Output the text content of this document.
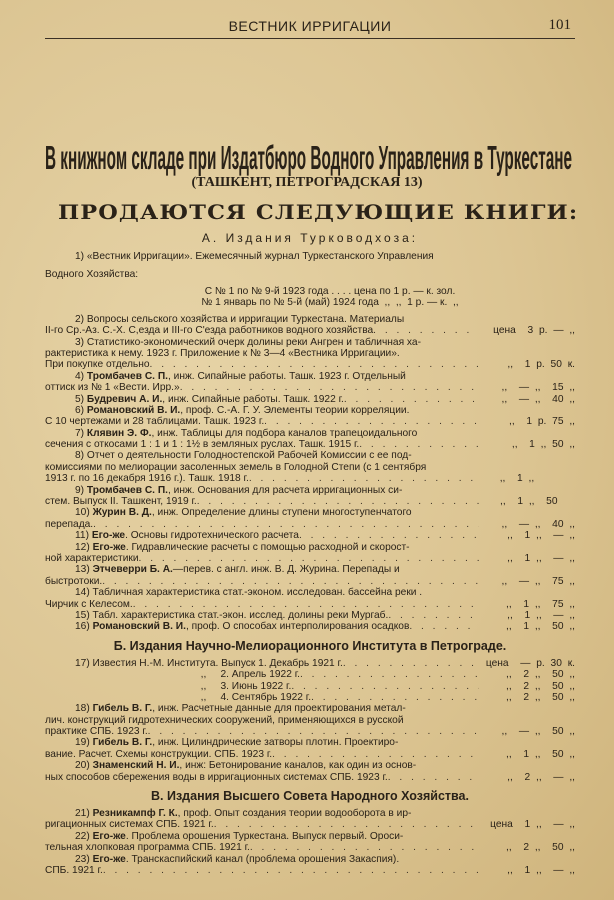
ВЕСТНИК ИРРИГАЦИИ	101
В книжном складе при Издатбюро Водного Управления в Туркестане
(ТАШКЕНТ, ПЕТРОГРАДСКАЯ 13)
ПРОДАЮТСЯ СЛЕДУЮЩИЕ КНИГИ:
А. Издания Турководхоза:
1) «Вестник Ирригации». Ежемесячный журнал Туркестанского Управления
Водного Хозяйства:
С № 1 по № 9-й 1923 года . . . . цена по 1 р. — к. зол.
№ 1 январь по № 5-й (май) 1924 года  ,,  ,,  1 р. — к.  ,,
2) Вопросы сельского хозяйства и ирригации Туркестана. Материалы
II-го Ср.-Аз. С.-Х. С,езда и III-го С'езда работников водного хозяйства . . .	цена  3 р. — ,,
3) Статистико-экономический очерк долины реки Ангрен и табличная ха-
рактеристика к нему. 1923 г. Приложение к № 3—4 «Вестника Ирригации».
При покупке отдельно . . .	,,  1 р. 50 к.
4) Тромбачев С. П., инж. Сипайные работы. Ташк. 1923 г. Отдельный
оттиск из № 1 «Вести. Ирр.» . . .	,,  — ,,  15 ,,
5) Будревич А. И., инж. Сипайные работы. Ташк. 1922 г. . . .	,,  — ,,  40 ,,
6) Романовский В. И., проф. С.-А. Г. У. Элементы теории корреляции.
С 10 чертежами и 28 таблицами. Ташк. 1923 г. . . .	,,  1 р. 75 ,,
7) Клявин Э. Ф., инж. Таблицы для подбора каналов трапецоидального
сечения с откосами 1 : 1 и 1 : 1½ в земляных руслах. Ташк. 1915 г. . . .	,,  1 ,, 50 ,,
8) Отчет о деятельности Голодностепской Рабочей Комиссии с ее под-
комиссиями по мелиорации засоленных земель в Голодной Степи (с 1 сентября
1913 г. по 16 декабря 1916 г.). Ташк. 1918 г. . . .	,,  1 ,,
9) Тромбачев С. П., инж. Основания для расчета ирригационных си-
стем. Выпуск II. Ташкент, 1919 г. . . .	,,  1 ,,  50
10) Журин В. Д., инж. Определение длины ступени многоступенчатого
перепада. . . .	,,  — ,,  40 ,,
11) Его-же. Основы гидротехнического расчета . . .	,,  1 ,,  — ,,
12) Его-же. Гидравлические расчеты с помощью расходной и скорост-
ной характеристики . . .	,,  1 ,,  — ,,
13) Этчеверри Б. А.—перев. с англ. инж. В. Д. Журина. Перепады и
быстротоки. . . .	,,  — ,,  75 ,,
14) Табличная характеристика стат.-эконом. исследован. бассейна реки .
Чирчик с Келесом. . . .	,,  1 ,,  75 ,,
15) Табл. характеристика стат.-экон. исслед. долины реки Мургаб. . . .	,,  1 ,,  — ,,
16) Романовский В. И., проф. О способах интерполирования осадков . . .	,,  1 ,,  50 ,,
Б. Издания Научно-Мелиорационного Института в Петрограде.
17) Известия Н.-М. Института. Выпуск 1. Декабрь 1921 г. . . .	цена  — р. 30 к.
,,     2. Апрель 1922 г. . . .	,,  2 ,,  50 ,,
,,     3. Июнь 1922 г. . . .	,,  2 ,,  50 ,,
,,     4. Сентябрь 1922 г. . . .	,,  2 ,,  50 ,,
18) Гибель В. Г., инж. Расчетные данные для проектирования метал-
лич. конструкций гидротехнических сооружений, применяющихся в русской
практике СПБ. 1923 г. . . .	,,  — ,,  50 ,,
19) Гибель В. Г., инж. Цилиндрические затворы плотин. Проектиро-
вание. Расчет. Схемы конструкции. СПБ. 1923 г. . . .	,,  1 ,,  50 ,,
20) Знаменский Н. И., инж: Бетонирование каналов, как один из основ-
ных способов сбережения воды в ирригационных системах СПБ. 1923 г. . . .	,,  2 ,,  — ,,
В. Издания Высшего Совета Народного Хозяйства.
21) Резникампф Г. К., проф. Опыт создания теории водооборота в ир-
ригационных системах СПБ. 1921 г. . . .	цена  1 ,,  — ,,
22) Его-же. Проблема орошения Туркестана. Выпуск первый. Ороси-
тельная хлопковая программа СПБ. 1921 г. . . .	,,  2 ,,  50 ,,
23) Его-же. Транскаспийский канал (проблема орошения Закаспия).
СПБ. 1921 г. . . .	,,  1 ,,  — ,,
